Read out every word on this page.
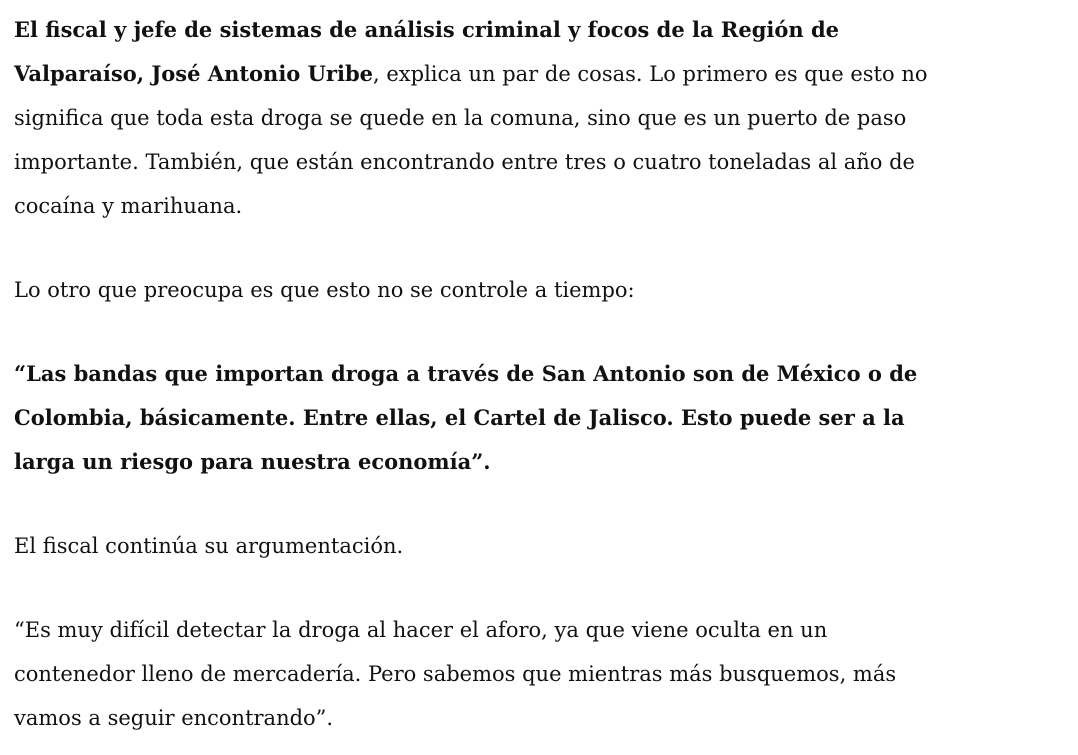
El fiscal y jefe de sistemas de análisis criminal y focos de la Región de Valparaíso, José Antonio Uribe, explica un par de cosas. Lo primero es que esto no significa que toda esta droga se quede en la comuna, sino que es un puerto de paso importante. También, que están encontrando entre tres o cuatro toneladas al año de cocaína y marihuana.

Lo otro que preocupa es que esto no se controle a tiempo:

“Las bandas que importan droga a través de San Antonio son de México o de Colombia, básicamente. Entre ellas, el Cartel de Jalisco. Esto puede ser a la larga un riesgo para nuestra economía”.

El fiscal continúa su argumentación.

“Es muy difícil detectar la droga al hacer el aforo, ya que viene oculta en un contenedor lleno de mercadería. Pero sabemos que mientras más busquemos, más vamos a seguir encontrando”.
